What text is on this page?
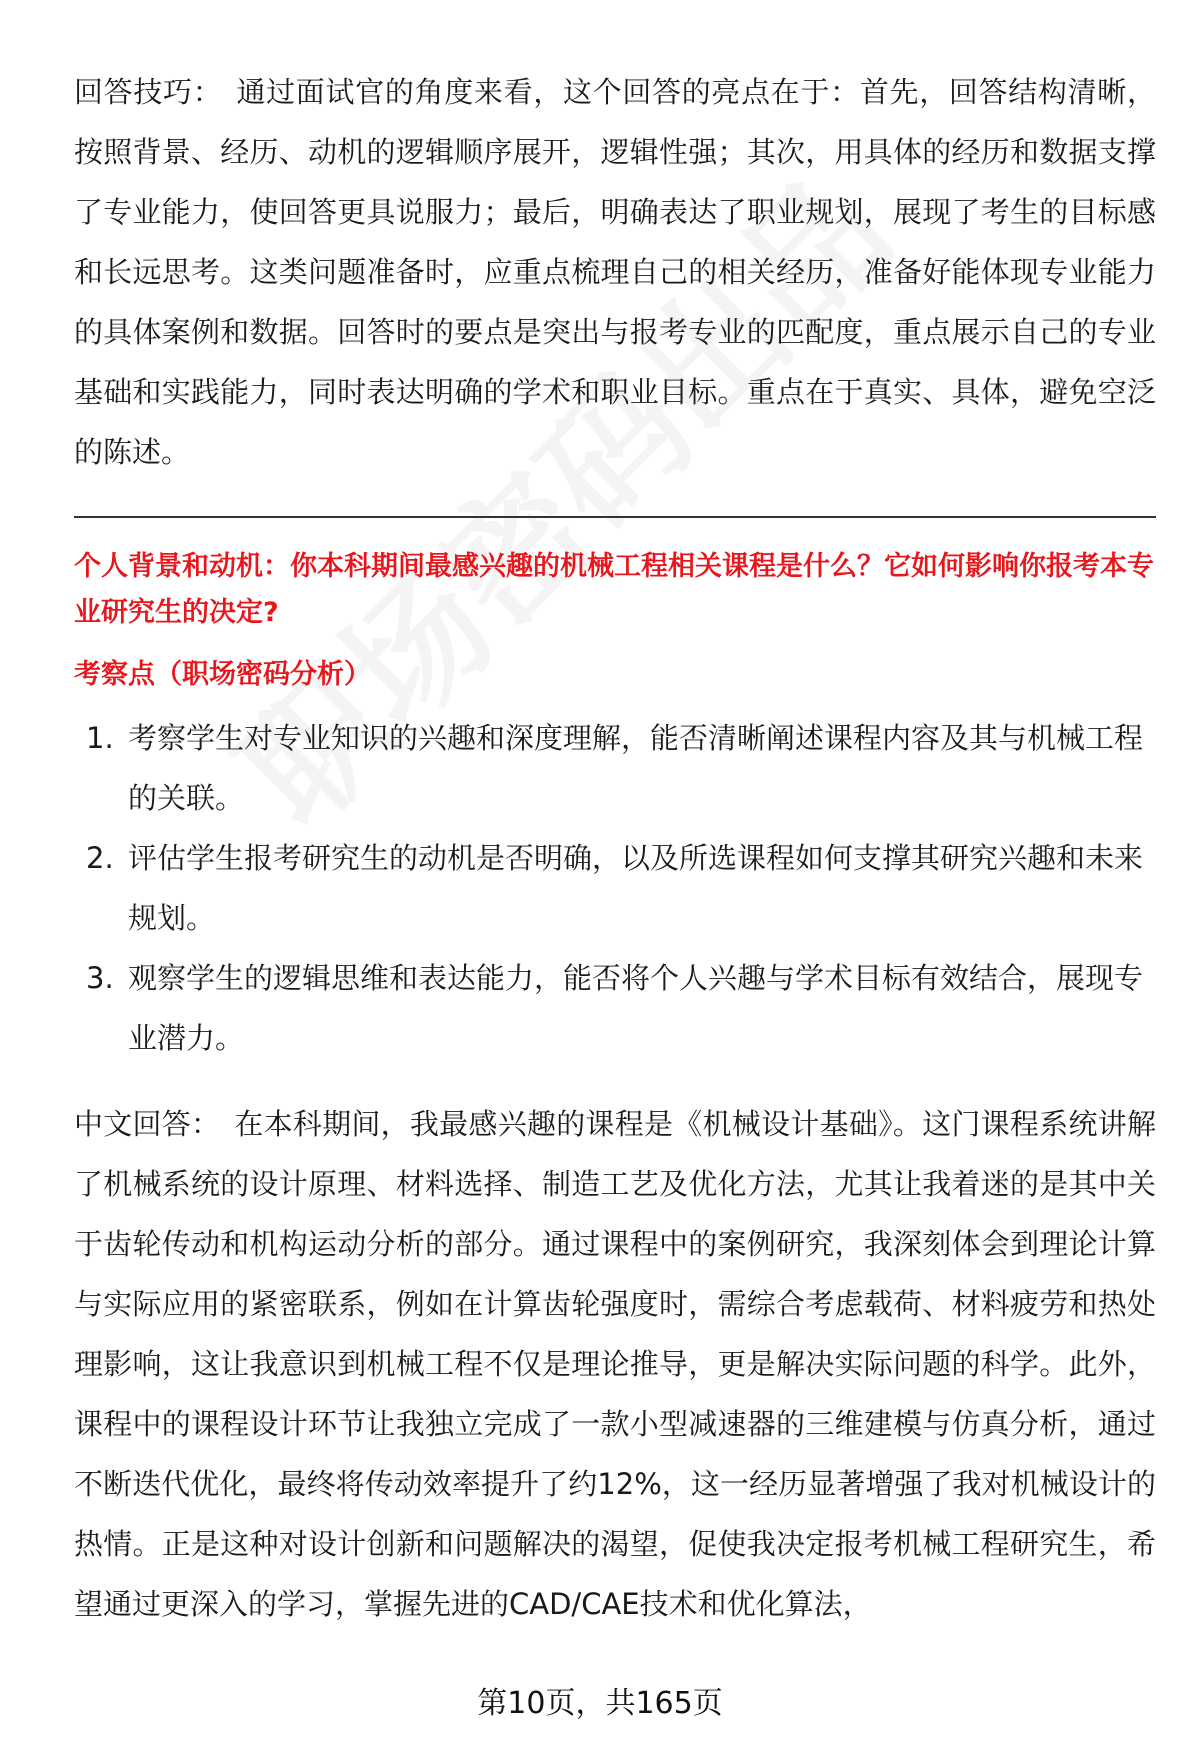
回答技巧： 通过面试官的角度来看，这个回答的亮点在于：首先，回答结构清晰，按照背景、经历、动机的逻辑顺序展开，逻辑性强；其次，用具体的经历和数据支撑了专业能力，使回答更具说服力；最后，明确表达了职业规划，展现了考生的目标感和长远思考。这类问题准备时，应重点梳理自己的相关经历，准备好能体现专业能力的具体案例和数据。回答时的要点是突出与报考专业的匹配度，重点展示自己的专业基础和实践能力，同时表达明确的学术和职业目标。重点在于真实、具体，避免空泛的陈述。

个人背景和动机：你本科期间最感兴趣的机械工程相关课程是什么？它如何影响你报考本专业研究生的决定?

考察点（职场密码分析）

1. 考察学生对专业知识的兴趣和深度理解，能否清晰阐述课程内容及其与机械工程的关联。
2. 评估学生报考研究生的动机是否明确，以及所选课程如何支撑其研究兴趣和未来规划。
3. 观察学生的逻辑思维和表达能力，能否将个人兴趣与学术目标有效结合，展现专业潜力。

中文回答： 在本科期间，我最感兴趣的课程是《机械设计基础》。这门课程系统讲解了机械系统的设计原理、材料选择、制造工艺及优化方法，尤其让我着迷的是其中关于齿轮传动和机构运动分析的部分。通过课程中的案例研究，我深刻体会到理论计算与实际应用的紧密联系，例如在计算齿轮强度时，需综合考虑载荷、材料疲劳和热处理影响，这让我意识到机械工程不仅是理论推导，更是解决实际问题的科学。此外，课程中的课程设计环节让我独立完成了一款小型减速器的三维建模与仿真分析，通过不断迭代优化，最终将传动效率提升了约12%，这一经历显著增强了我对机械设计的热情。正是这种对设计创新和问题解决的渴望，促使我决定报考机械工程研究生，希望通过更深入的学习，掌握先进的CAD/CAE技术和优化算法，

第10页，共165页
